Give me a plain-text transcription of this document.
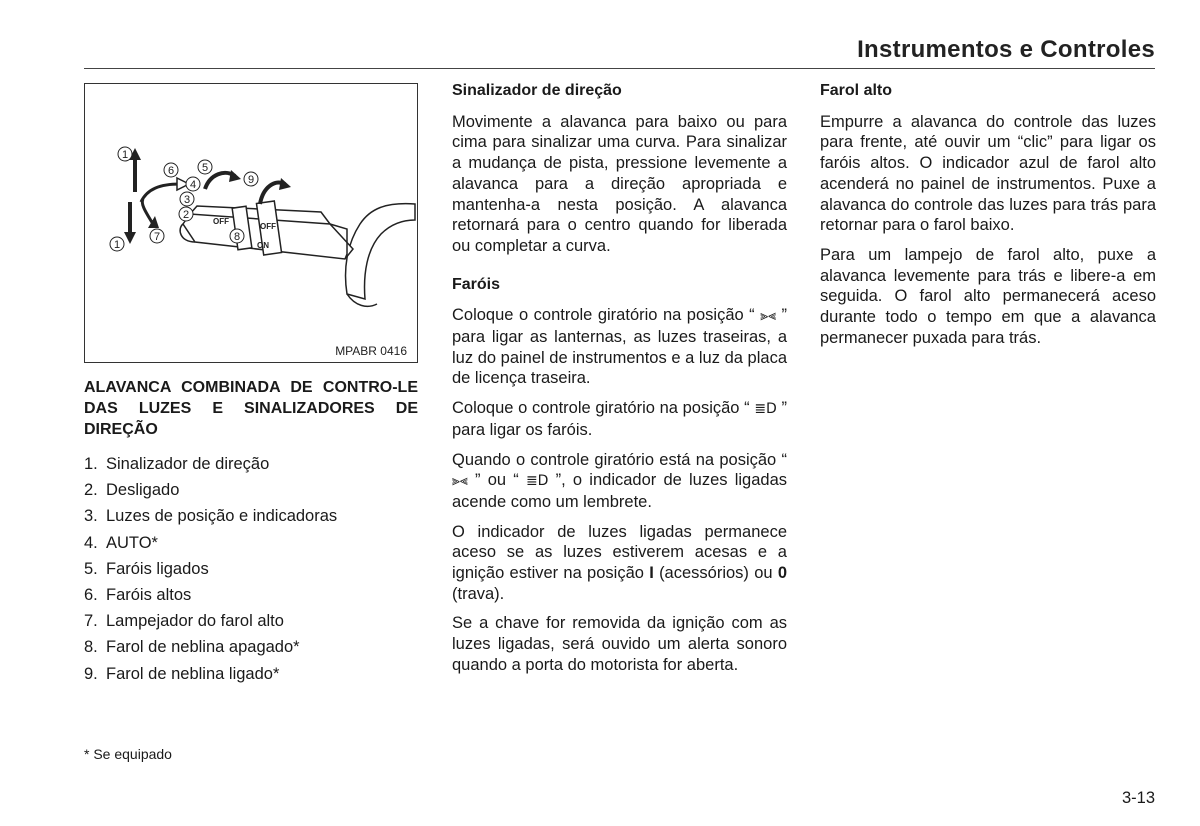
Instrumentos e Controles
1
6	5
4
3
2
9
8
1
7
OFF
OFF
ON
MPABR 0416
ALAVANCA COMBINADA DE CONTRO-LE DAS LUZES E SINALIZADORES DE DIREÇÃO
1. Sinalizador de direção
2. Desligado
3. Luzes de posição e indicadoras
4. AUTO*
5. Faróis ligados
6. Faróis altos
7. Lampejador do farol alto
8. Farol de neblina apagado*
9. Farol de neblina ligado*
Sinalizador de direção

Movimente a alavanca para baixo ou para cima para sinalizar uma curva. Para sinalizar a mudança de pista, pressione levemente a alavanca para a direção apropriada e mantenha-a nesta posição. A alavanca retornará para o centro quando for liberada ou completar a curva.

Faróis

Coloque o controle giratório na posição “ ⫸⫷ ” para ligar as lanternas, as luzes traseiras, a luz do painel de instrumentos e a luz da placa de licença traseira.

Coloque o controle giratório na posição “ ≣D ” para ligar os faróis.

Quando o controle giratório está na posição “ ⫸⫷ ” ou “ ≣D ”, o indicador de luzes ligadas acende como um lembrete.

O indicador de luzes ligadas permanece aceso se as luzes estiverem acesas e a ignição estiver na posição I (acessórios) ou 0 (trava).

Se a chave for removida da ignição com as luzes ligadas, será ouvido um alerta sonoro quando a porta do motorista for aberta.

Farol alto

Empurre a alavanca do controle das luzes para frente, até ouvir um “clic” para ligar os faróis altos. O indicador azul de farol alto acenderá no painel de instrumentos. Puxe a alavanca do controle das luzes para trás para retornar para o farol baixo.

Para um lampejo de farol alto, puxe a alavanca levemente para trás e libere-a em seguida. O farol alto permanecerá aceso durante todo o tempo em que a alavanca permanecer puxada para trás.

* Se equipado
3-13
